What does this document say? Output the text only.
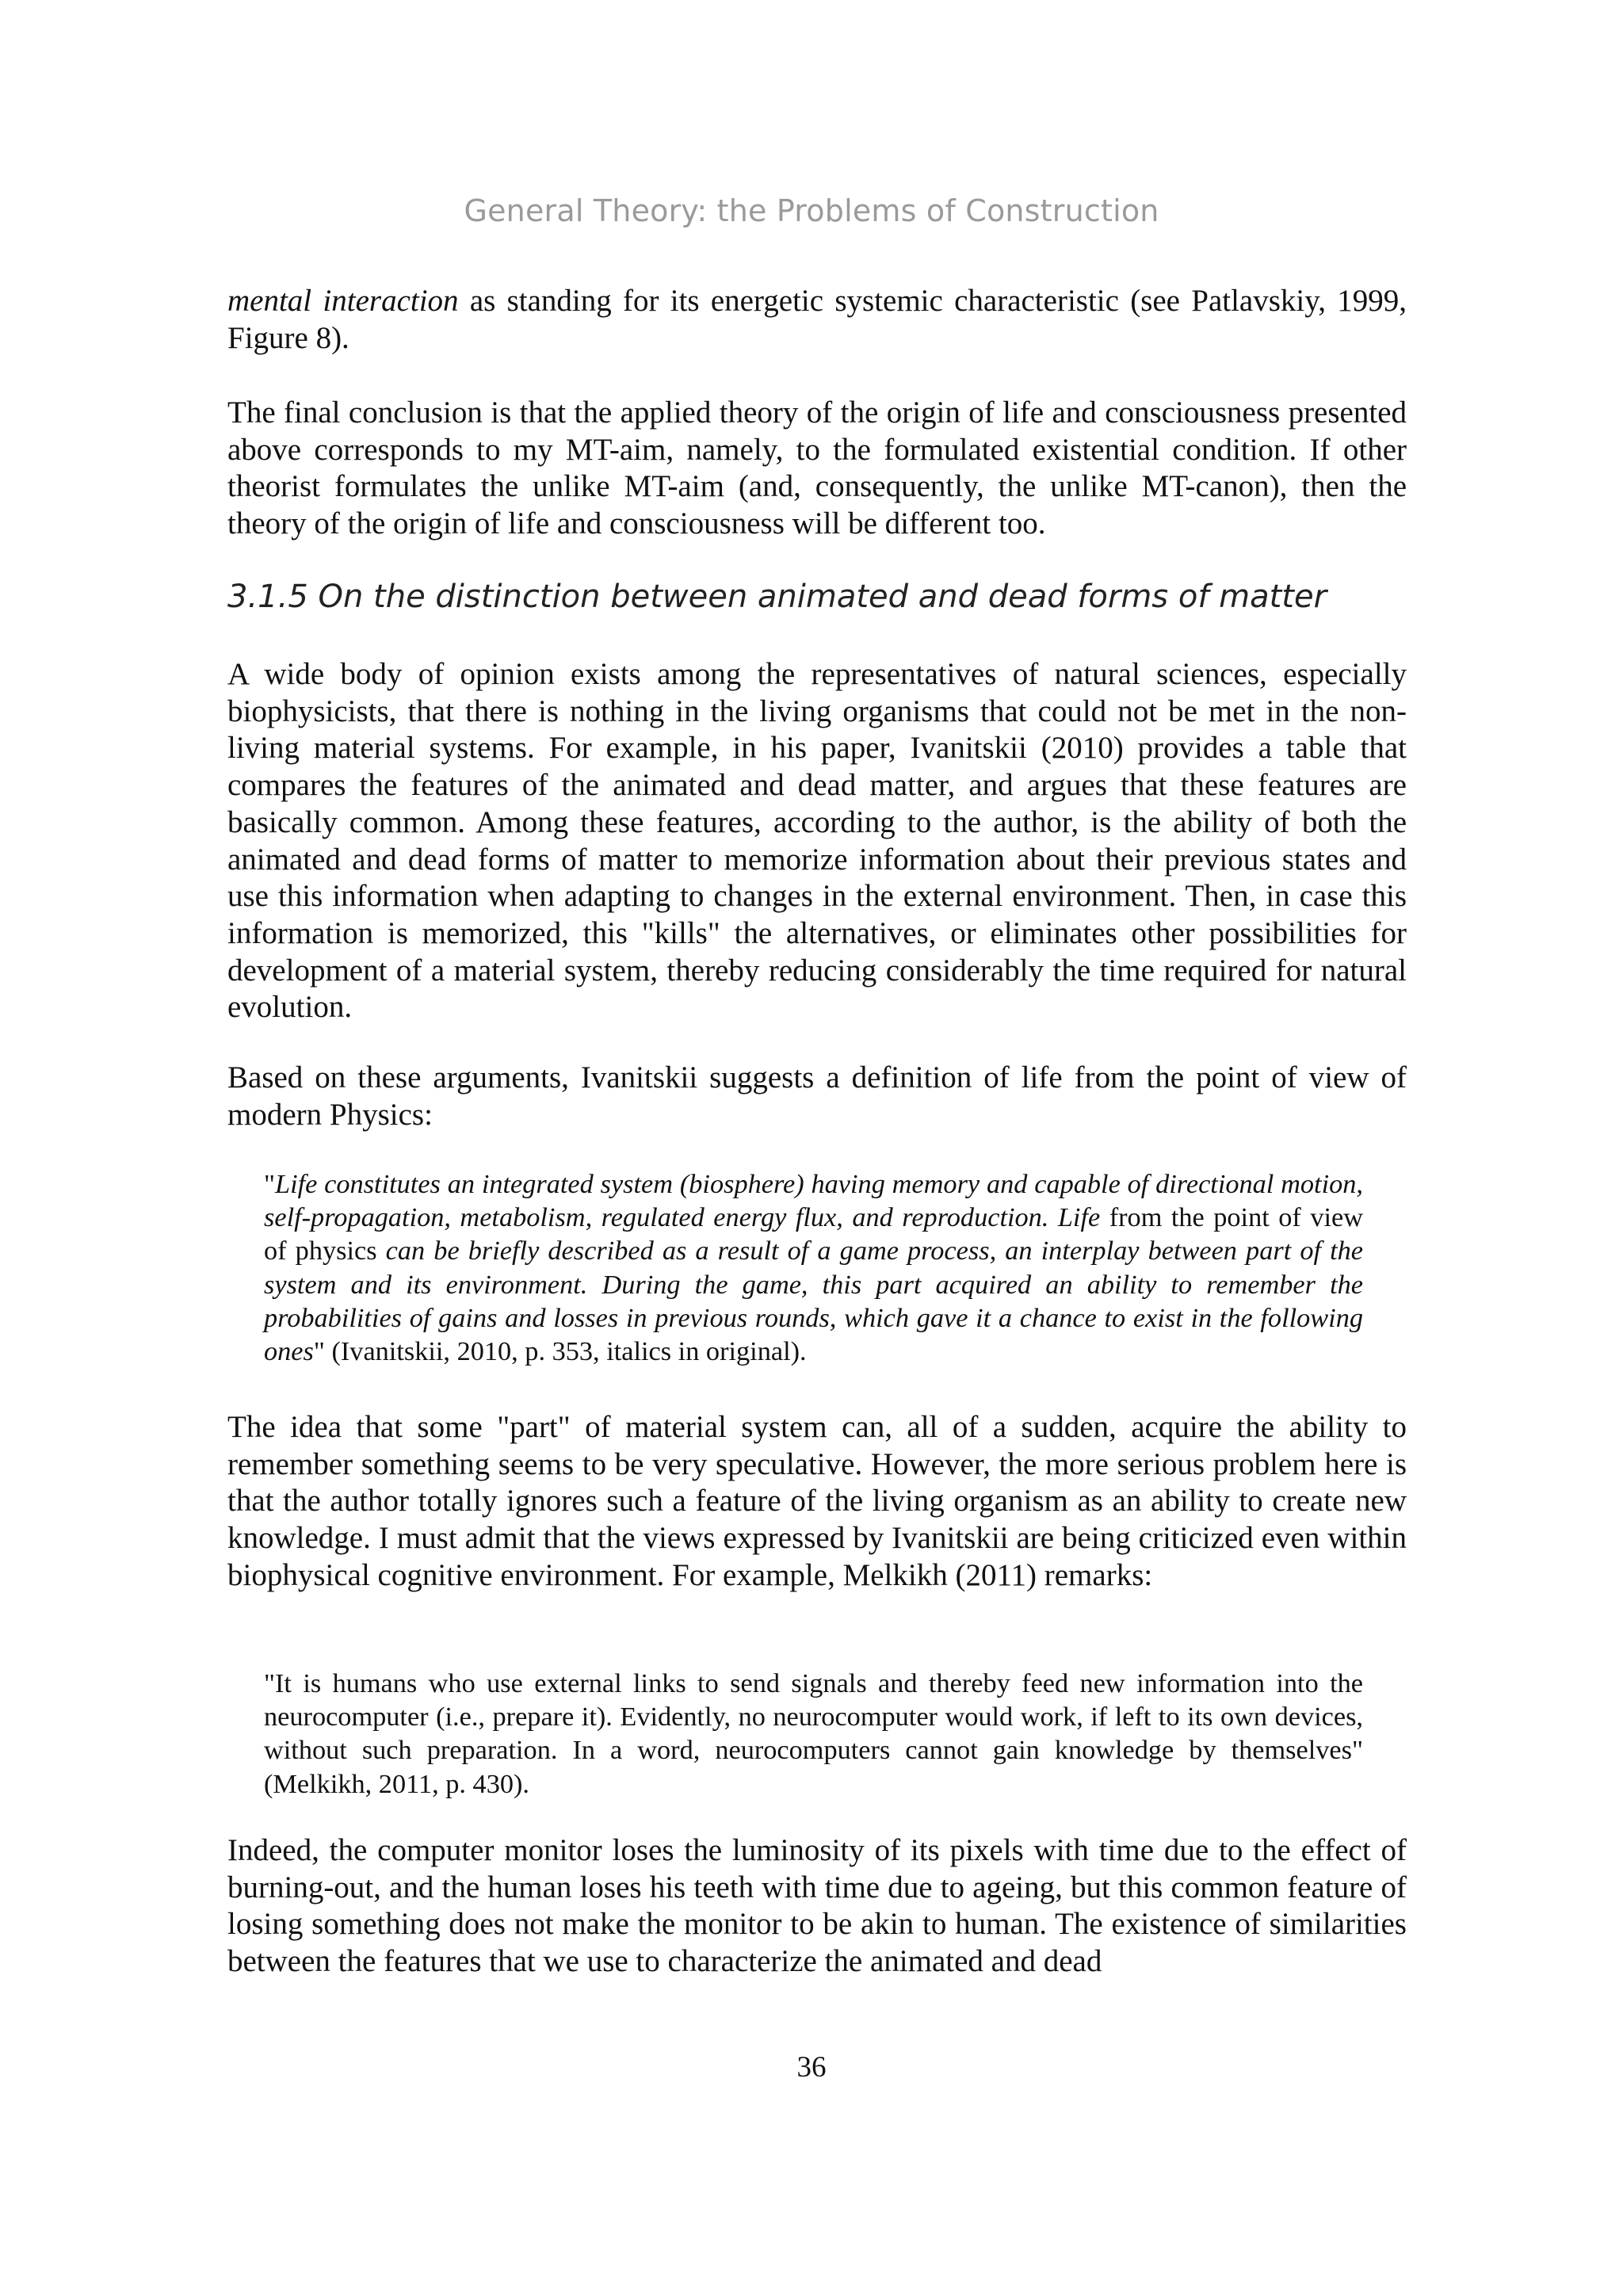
General Theory: the Problems of Construction

mental interaction as standing for its energetic systemic characteristic (see Patlavskiy, 1999, Figure 8).

The final conclusion is that the applied theory of the origin of life and consciousness presented above corresponds to my MT-aim, namely, to the formulated existential condition. If other theorist formulates the unlike MT-aim (and, consequently, the unlike MT-canon), then the theory of the origin of life and consciousness will be different too.

3.1.5 On the distinction between animated and dead forms of matter

A wide body of opinion exists among the representatives of natural sciences, especially biophysicists, that there is nothing in the living organisms that could not be met in the non-living material systems. For example, in his paper, Ivanitskii (2010) provides a table that compares the features of the animated and dead matter, and argues that these features are basically common. Among these features, according to the author, is the ability of both the animated and dead forms of matter to memorize information about their previous states and use this information when adapting to changes in the external environment. Then, in case this information is memorized, this "kills" the alternatives, or eliminates other possibilities for development of a material system, thereby reducing considerably the time required for natural evolution.

Based on these arguments, Ivanitskii suggests a definition of life from the point of view of modern Physics:

"Life constitutes an integrated system (biosphere) having memory and capable of directional motion, self-propagation, metabolism, regulated energy flux, and reproduction. Life from the point of view of physics can be briefly described as a result of a game process, an interplay between part of the system and its environment. During the game, this part acquired an ability to remember the probabilities of gains and losses in previous rounds, which gave it a chance to exist in the following ones" (Ivanitskii, 2010, p. 353, italics in original).

The idea that some "part" of material system can, all of a sudden, acquire the ability to remember something seems to be very speculative. However, the more serious problem here is that the author totally ignores such a feature of the living organism as an ability to create new knowledge. I must admit that the views expressed by Ivanitskii are being criticized even within biophysical cognitive environment. For example, Melkikh (2011) remarks:

"It is humans who use external links to send signals and thereby feed new information into the neurocomputer (i.e., prepare it). Evidently, no neurocomputer would work, if left to its own devices, without such preparation. In a word, neurocomputers cannot gain knowledge by themselves" (Melkikh, 2011, p. 430).

Indeed, the computer monitor loses the luminosity of its pixels with time due to the effect of burning-out, and the human loses his teeth with time due to ageing, but this common feature of losing something does not make the monitor to be akin to human. The existence of similarities between the features that we use to characterize the animated and dead

36
